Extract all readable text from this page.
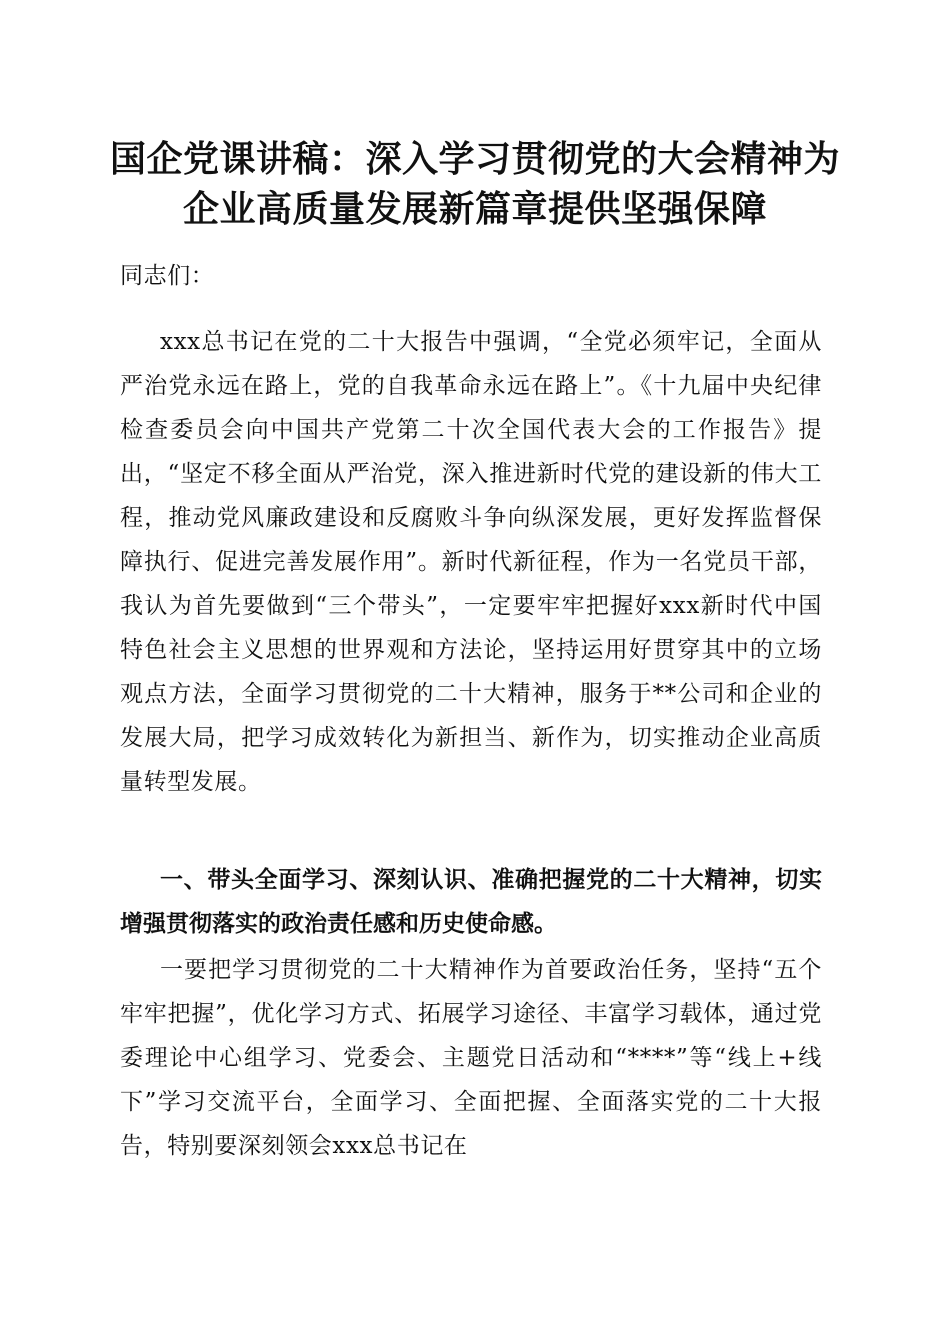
国企党课讲稿：深入学习贯彻党的大会精神为
企业高质量发展新篇章提供坚强保障

同志们：

xxx总书记在党的二十大报告中强调，“全党必须牢记，全面从严治党永远在路上，党的自我革命永远在路上”。《十九届中央纪律检查委员会向中国共产党第二十次全国代表大会的工作报告》提出，“坚定不移全面从严治党，深入推进新时代党的建设新的伟大工程，推动党风廉政建设和反腐败斗争向纵深发展，更好发挥监督保障执行、促进完善发展作用”。新时代新征程，作为一名党员干部，我认为首先要做到“三个带头”，一定要牢牢把握好xxx新时代中国特色社会主义思想的世界观和方法论，坚持运用好贯穿其中的立场观点方法，全面学习贯彻党的二十大精神，服务于**公司和企业的发展大局，把学习成效转化为新担当、新作为，切实推动企业高质量转型发展。

一、带头全面学习、深刻认识、准确把握党的二十大精神，切实增强贯彻落实的政治责任感和历史使命感。

一要把学习贯彻党的二十大精神作为首要政治任务，坚持“五个牢牢把握”，优化学习方式、拓展学习途径、丰富学习载体，通过党委理论中心组学习、党委会、主题党日活动和“****”等“线上+线下”学习交流平台，全面学习、全面把握、全面落实党的二十大报告，特别要深刻领会xxx总书记在
